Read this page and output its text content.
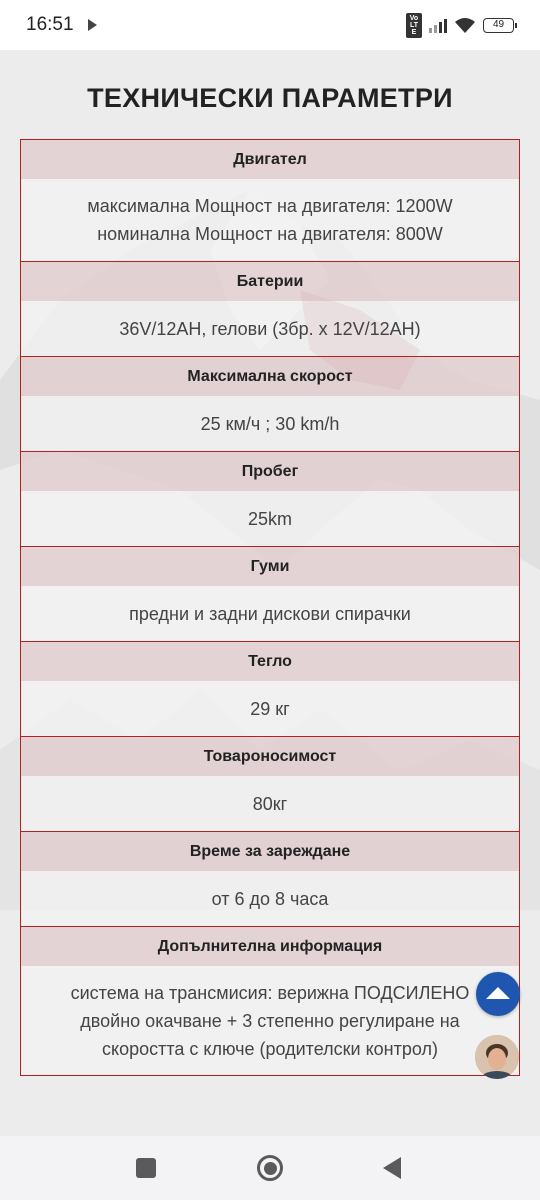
16:51	Vo LTE
49
ТЕХНИЧЕСКИ ПАРАМЕТРИ
Двигател
максимална Мощност на двигателя: 1200W
номинална Мощност на двигателя: 800W
Батерии
36V/12AH, гелови (3бр. x 12V/12AH)
Максимална скорост
25 км/ч ; 30 km/h
Пробег
25km
Гуми
предни и задни дискови спирачки
Тегло
29 кг
Товароносимост
80кг
Време за зареждане
от 6 до 8 часа
Допълнителна информация
система на трансмисия: верижна ПОДСИЛЕНО
двойно окачване + 3 степенно регулиране на
скоростта с ключе (родителски контрол)
